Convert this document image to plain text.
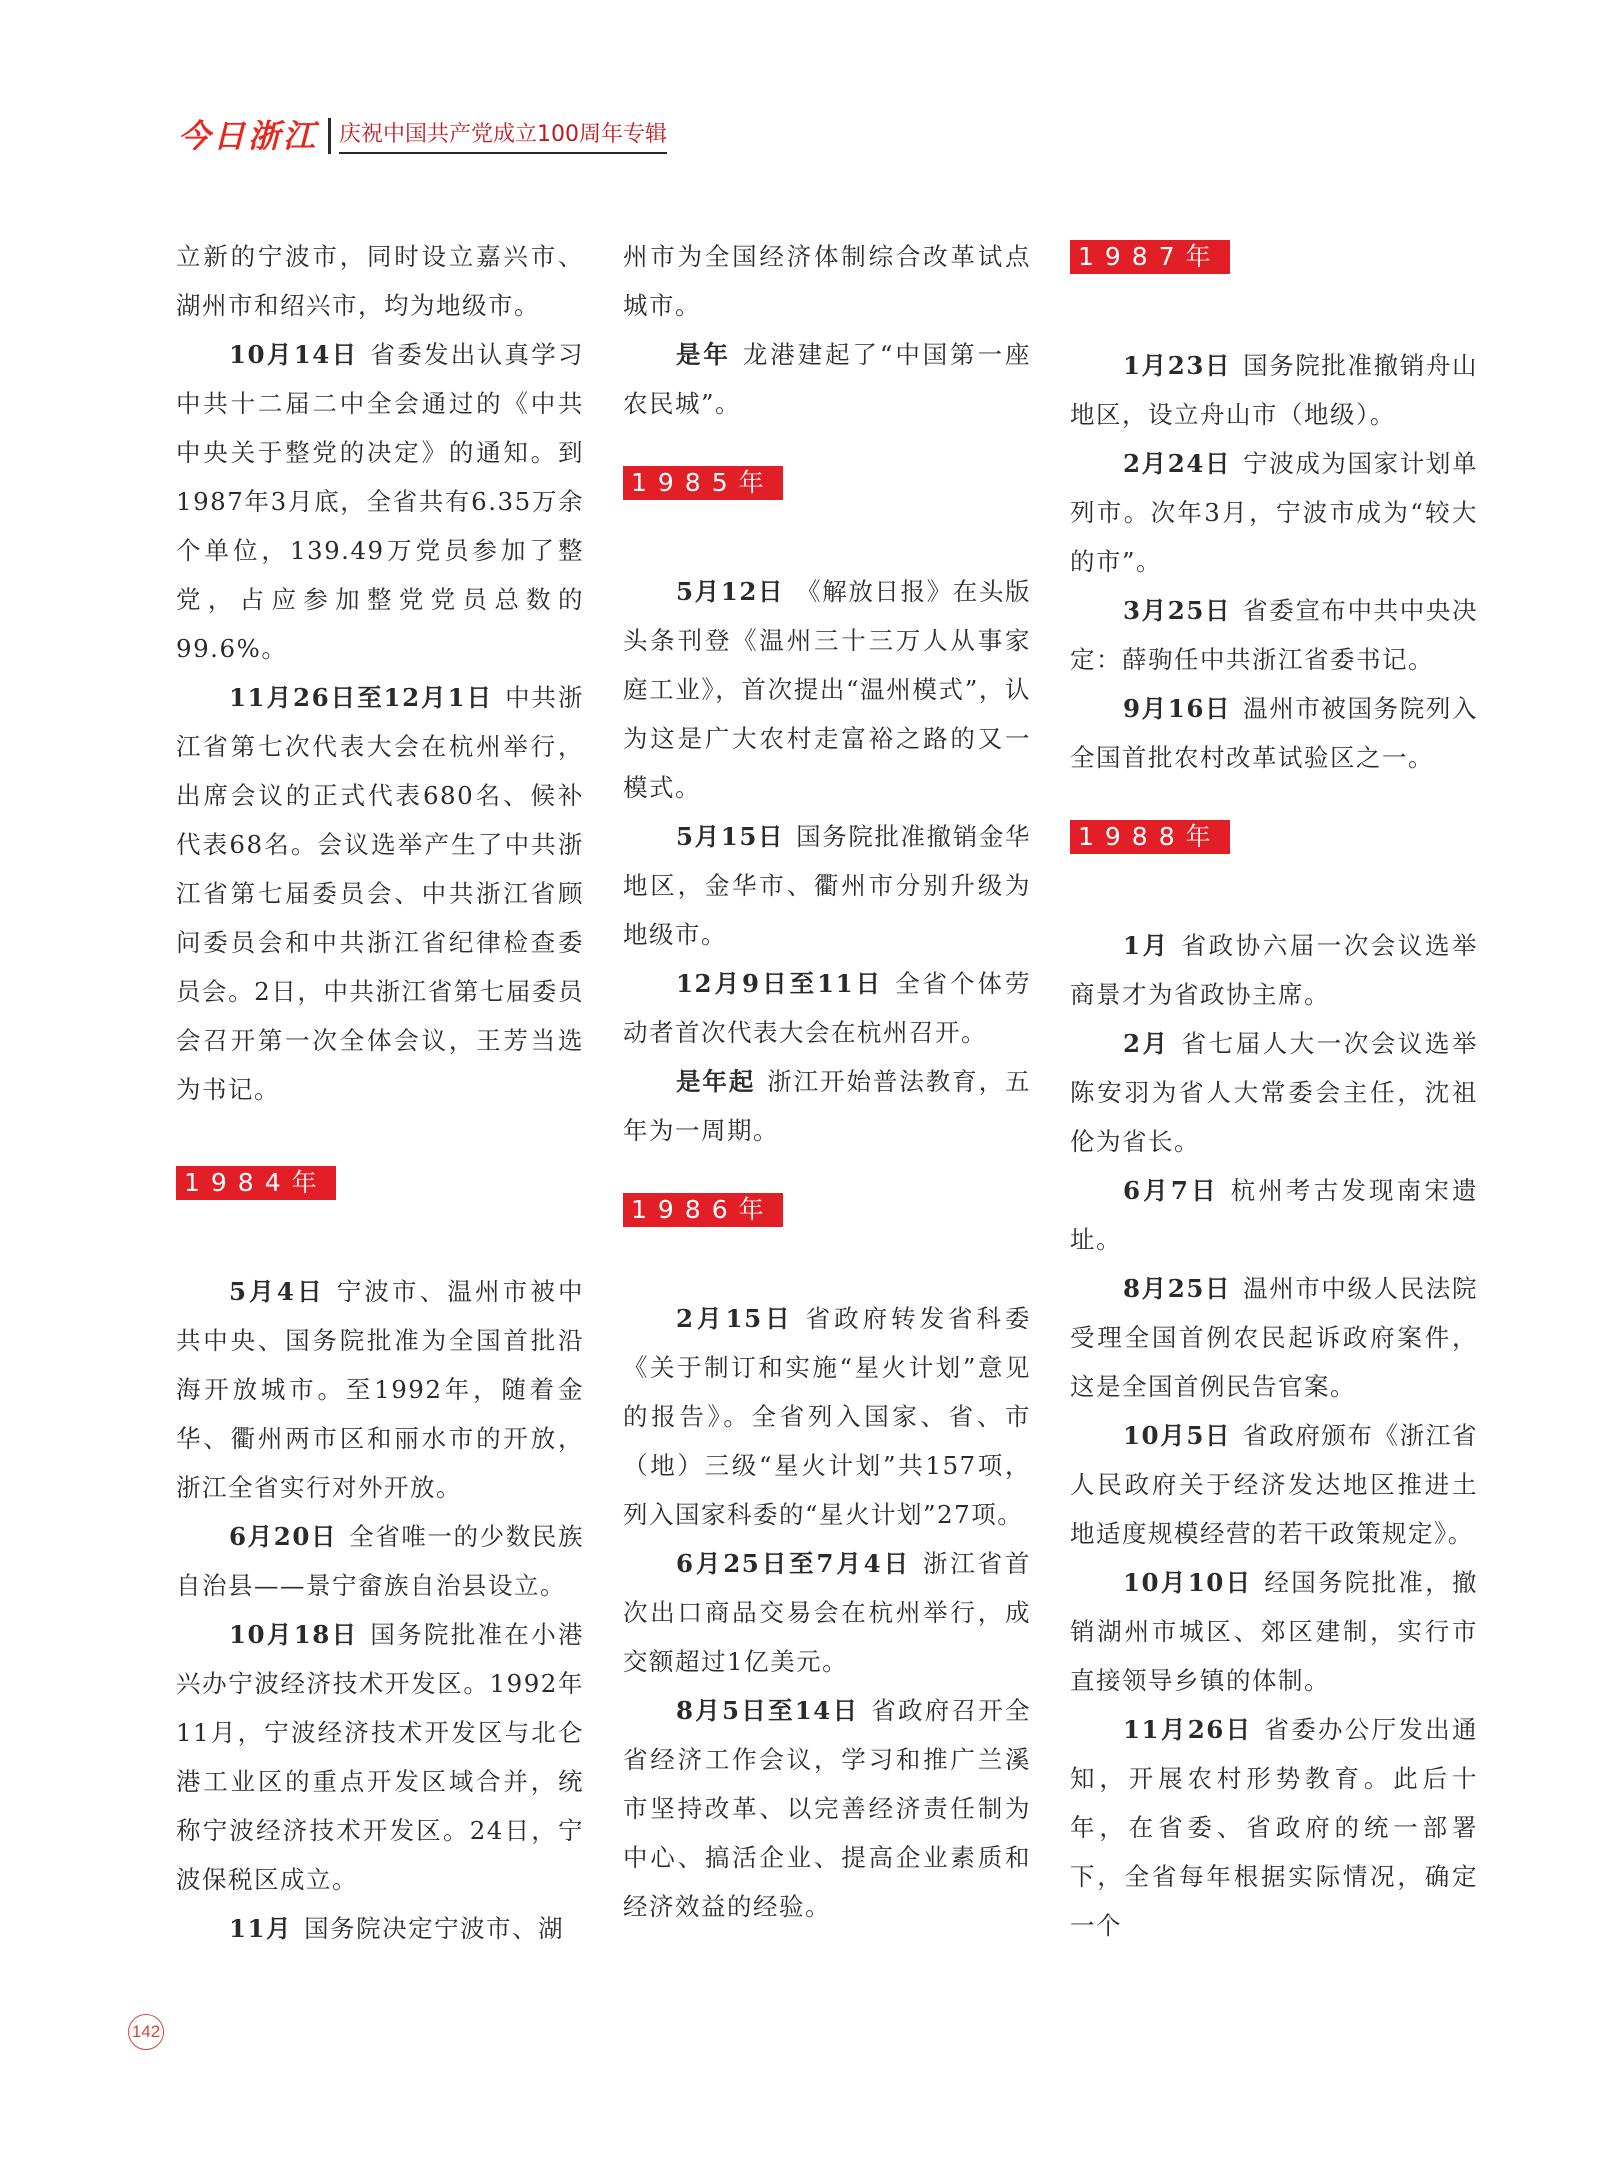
今日浙江 庆祝中国共产党成立100周年专辑

立新的宁波市，同时设立嘉兴市、湖州市和绍兴市，均为地级市。

10月14日 省委发出认真学习中共十二届二中全会通过的《中共中央关于整党的决定》的通知。到1987年3月底，全省共有6.35万余个单位，139.49万党员参加了整党，占应参加整党党员总数的99.6%。

11月26日至12月1日 中共浙江省第七次代表大会在杭州举行，出席会议的正式代表680名、候补代表68名。会议选举产生了中共浙江省第七届委员会、中共浙江省顾问委员会和中共浙江省纪律检查委员会。2日，中共浙江省第七届委员会召开第一次全体会议，王芳当选为书记。

1984年

5月4日 宁波市、温州市被中共中央、国务院批准为全国首批沿海开放城市。至1992年，随着金华、衢州两市区和丽水市的开放，浙江全省实行对外开放。

6月20日 全省唯一的少数民族自治县——景宁畲族自治县设立。

10月18日 国务院批准在小港兴办宁波经济技术开发区。1992年11月，宁波经济技术开发区与北仑港工业区的重点开发区域合并，统称宁波经济技术开发区。24日，宁波保税区成立。

11月 国务院决定宁波市、湖

州市为全国经济体制综合改革试点城市。

是年 龙港建起了“中国第一座农民城”。

1985年

5月12日 《解放日报》在头版头条刊登《温州三十三万人从事家庭工业》，首次提出“温州模式”，认为这是广大农村走富裕之路的又一模式。

5月15日 国务院批准撤销金华地区，金华市、衢州市分别升级为地级市。

12月9日至11日 全省个体劳动者首次代表大会在杭州召开。

是年起 浙江开始普法教育，五年为一周期。

1986年

2月15日 省政府转发省科委《关于制订和实施“星火计划”意见的报告》。全省列入国家、省、市（地）三级“星火计划”共157项，列入国家科委的“星火计划”27项。

6月25日至7月4日 浙江省首次出口商品交易会在杭州举行，成交额超过1亿美元。

8月5日至14日 省政府召开全省经济工作会议，学习和推广兰溪市坚持改革、以完善经济责任制为中心、搞活企业、提高企业素质和经济效益的经验。

1987年

1月23日 国务院批准撤销舟山地区，设立舟山市（地级）。

2月24日 宁波成为国家计划单列市。次年3月，宁波市成为“较大的市”。

3月25日 省委宣布中共中央决定：薛驹任中共浙江省委书记。

9月16日 温州市被国务院列入全国首批农村改革试验区之一。

1988年

1月 省政协六届一次会议选举商景才为省政协主席。

2月 省七届人大一次会议选举陈安羽为省人大常委会主任，沈祖伦为省长。

6月7日 杭州考古发现南宋遗址。

8月25日 温州市中级人民法院受理全国首例农民起诉政府案件，这是全国首例民告官案。

10月5日 省政府颁布《浙江省人民政府关于经济发达地区推进土地适度规模经营的若干政策规定》。

10月10日 经国务院批准，撤销湖州市城区、郊区建制，实行市直接领导乡镇的体制。

11月26日 省委办公厅发出通知，开展农村形势教育。此后十年，在省委、省政府的统一部署下，全省每年根据实际情况，确定一个

142
